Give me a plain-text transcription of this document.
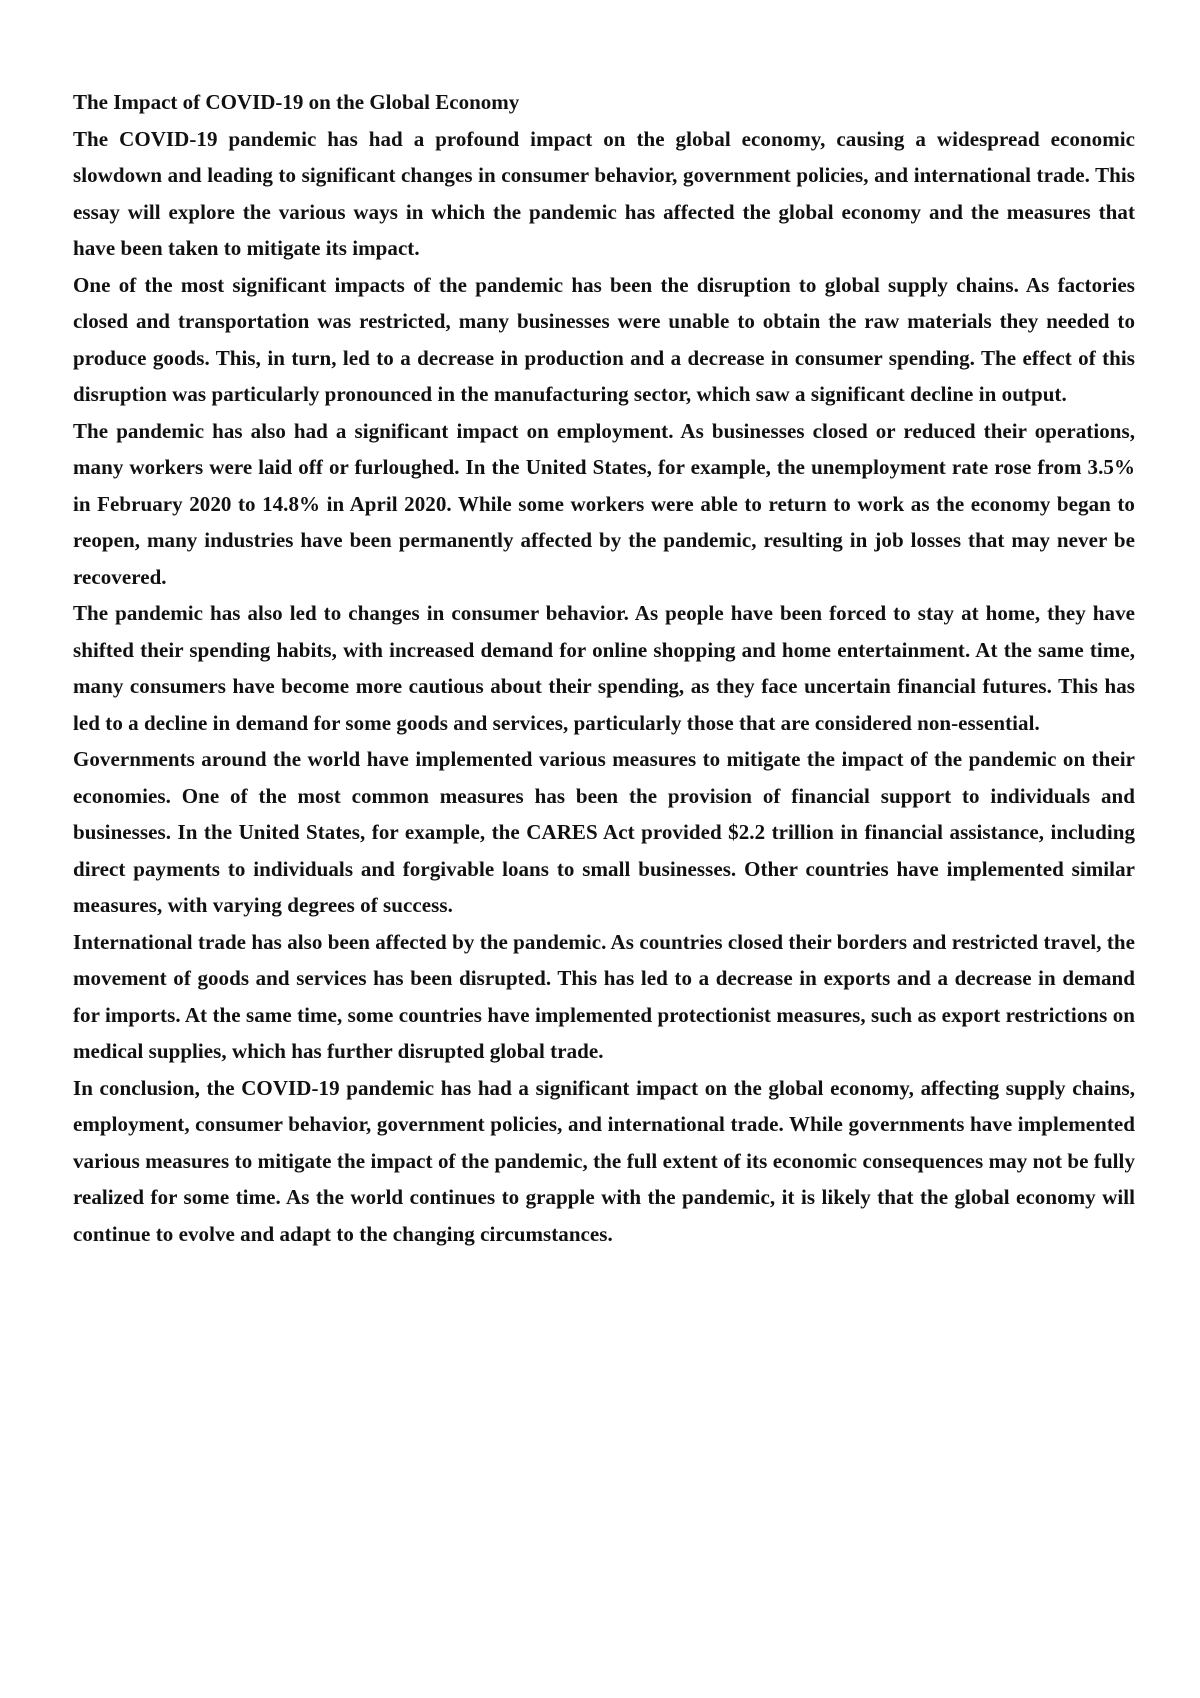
The Impact of COVID-19 on the Global Economy

The COVID-19 pandemic has had a profound impact on the global economy, causing a widespread economic slowdown and leading to significant changes in consumer behavior, government policies, and international trade. This essay will explore the various ways in which the pandemic has affected the global economy and the measures that have been taken to mitigate its impact.

One of the most significant impacts of the pandemic has been the disruption to global supply chains. As factories closed and transportation was restricted, many businesses were unable to obtain the raw materials they needed to produce goods. This, in turn, led to a decrease in production and a decrease in consumer spending. The effect of this disruption was particularly pronounced in the manufacturing sector, which saw a significant decline in output.

The pandemic has also had a significant impact on employment. As businesses closed or reduced their operations, many workers were laid off or furloughed. In the United States, for example, the unemployment rate rose from 3.5% in February 2020 to 14.8% in April 2020. While some workers were able to return to work as the economy began to reopen, many industries have been permanently affected by the pandemic, resulting in job losses that may never be recovered.

The pandemic has also led to changes in consumer behavior. As people have been forced to stay at home, they have shifted their spending habits, with increased demand for online shopping and home entertainment. At the same time, many consumers have become more cautious about their spending, as they face uncertain financial futures. This has led to a decline in demand for some goods and services, particularly those that are considered non-essential.

Governments around the world have implemented various measures to mitigate the impact of the pandemic on their economies. One of the most common measures has been the provision of financial support to individuals and businesses. In the United States, for example, the CARES Act provided $2.2 trillion in financial assistance, including direct payments to individuals and forgivable loans to small businesses. Other countries have implemented similar measures, with varying degrees of success.

International trade has also been affected by the pandemic. As countries closed their borders and restricted travel, the movement of goods and services has been disrupted. This has led to a decrease in exports and a decrease in demand for imports. At the same time, some countries have implemented protectionist measures, such as export restrictions on medical supplies, which has further disrupted global trade.

In conclusion, the COVID-19 pandemic has had a significant impact on the global economy, affecting supply chains, employment, consumer behavior, government policies, and international trade. While governments have implemented various measures to mitigate the impact of the pandemic, the full extent of its economic consequences may not be fully realized for some time. As the world continues to grapple with the pandemic, it is likely that the global economy will continue to evolve and adapt to the changing circumstances.
